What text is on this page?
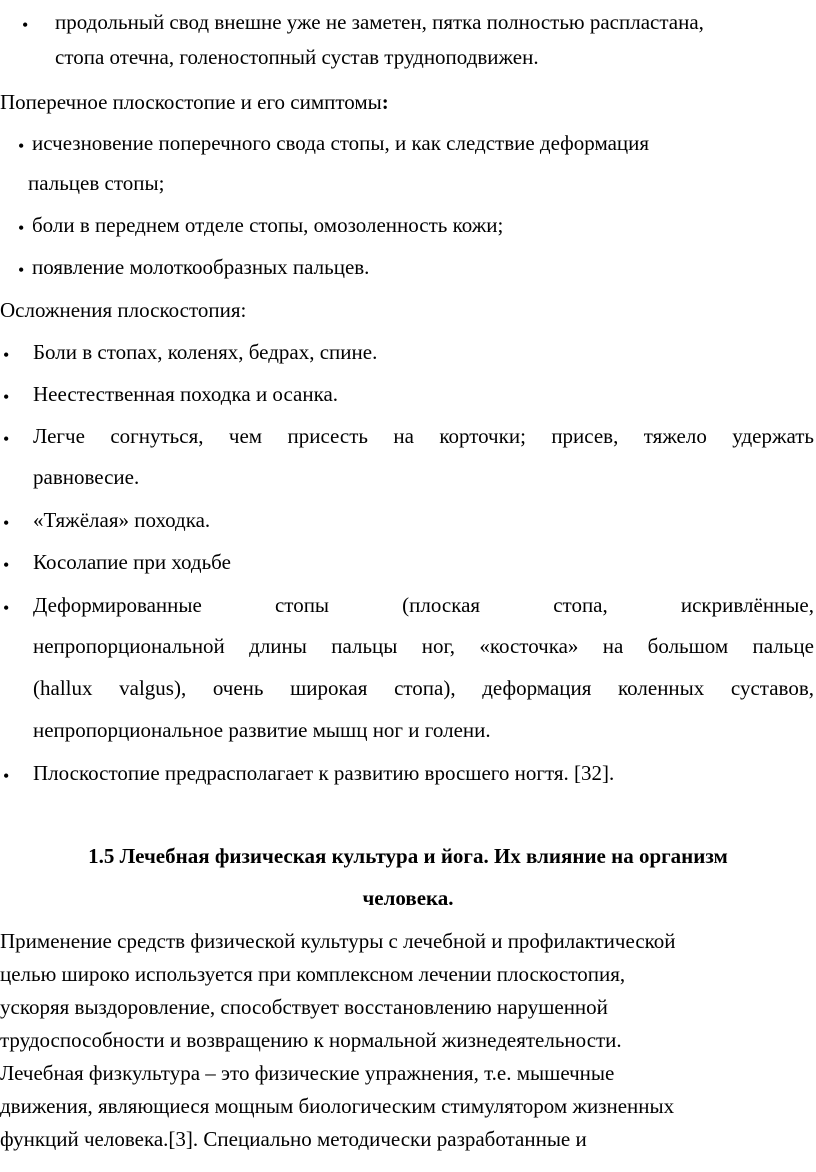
• продольный свод внешне уже не заметен, пятка полностью распластана,
стопа отечна, голеностопный сустав трудноподвижен.
Поперечное плоскостопие и его симптомы:
• исчезновение поперечного свода стопы, и как следствие деформация
пальцев стопы;
• боли в переднем отделе стопы, омозоленность кожи;
• появление молоткообразных пальцев.
Осложнения плоскостопия:
• Боли в стопах, коленях, бедрах, спине.
• Неестественная походка и осанка.
• Легче согнуться, чем присесть на корточки; присев, тяжело удержать
равновесие.
• «Тяжёлая» походка.
• Косолапие при ходьбе
• Деформированные	стопы	(плоская	стопа,	искривлённые,
непропорциональной длины пальцы ног, «косточка» на большом пальце
(hallux valgus), очень широкая стопа), деформация коленных суставов,
непропорциональное развитие мышц ног и голени.
• Плоскостопие предрасполагает к развитию вросшего ногтя. [32].
1.5 Лечебная физическая культура и йога. Их влияние на организм
человека.
Применение средств физической культуры с лечебной и профилактической
целью широко используется при комплексном лечении плоскостопия,
ускоряя выздоровление, способствует восстановлению нарушенной
трудоспособности и возвращению к нормальной жизнедеятельности.
Лечебная физкультура – это физические упражнения, т.е. мышечные
движения, являющиеся мощным биологическим стимулятором жизненных
функций человека.[3]. Специально методически разработанные и
